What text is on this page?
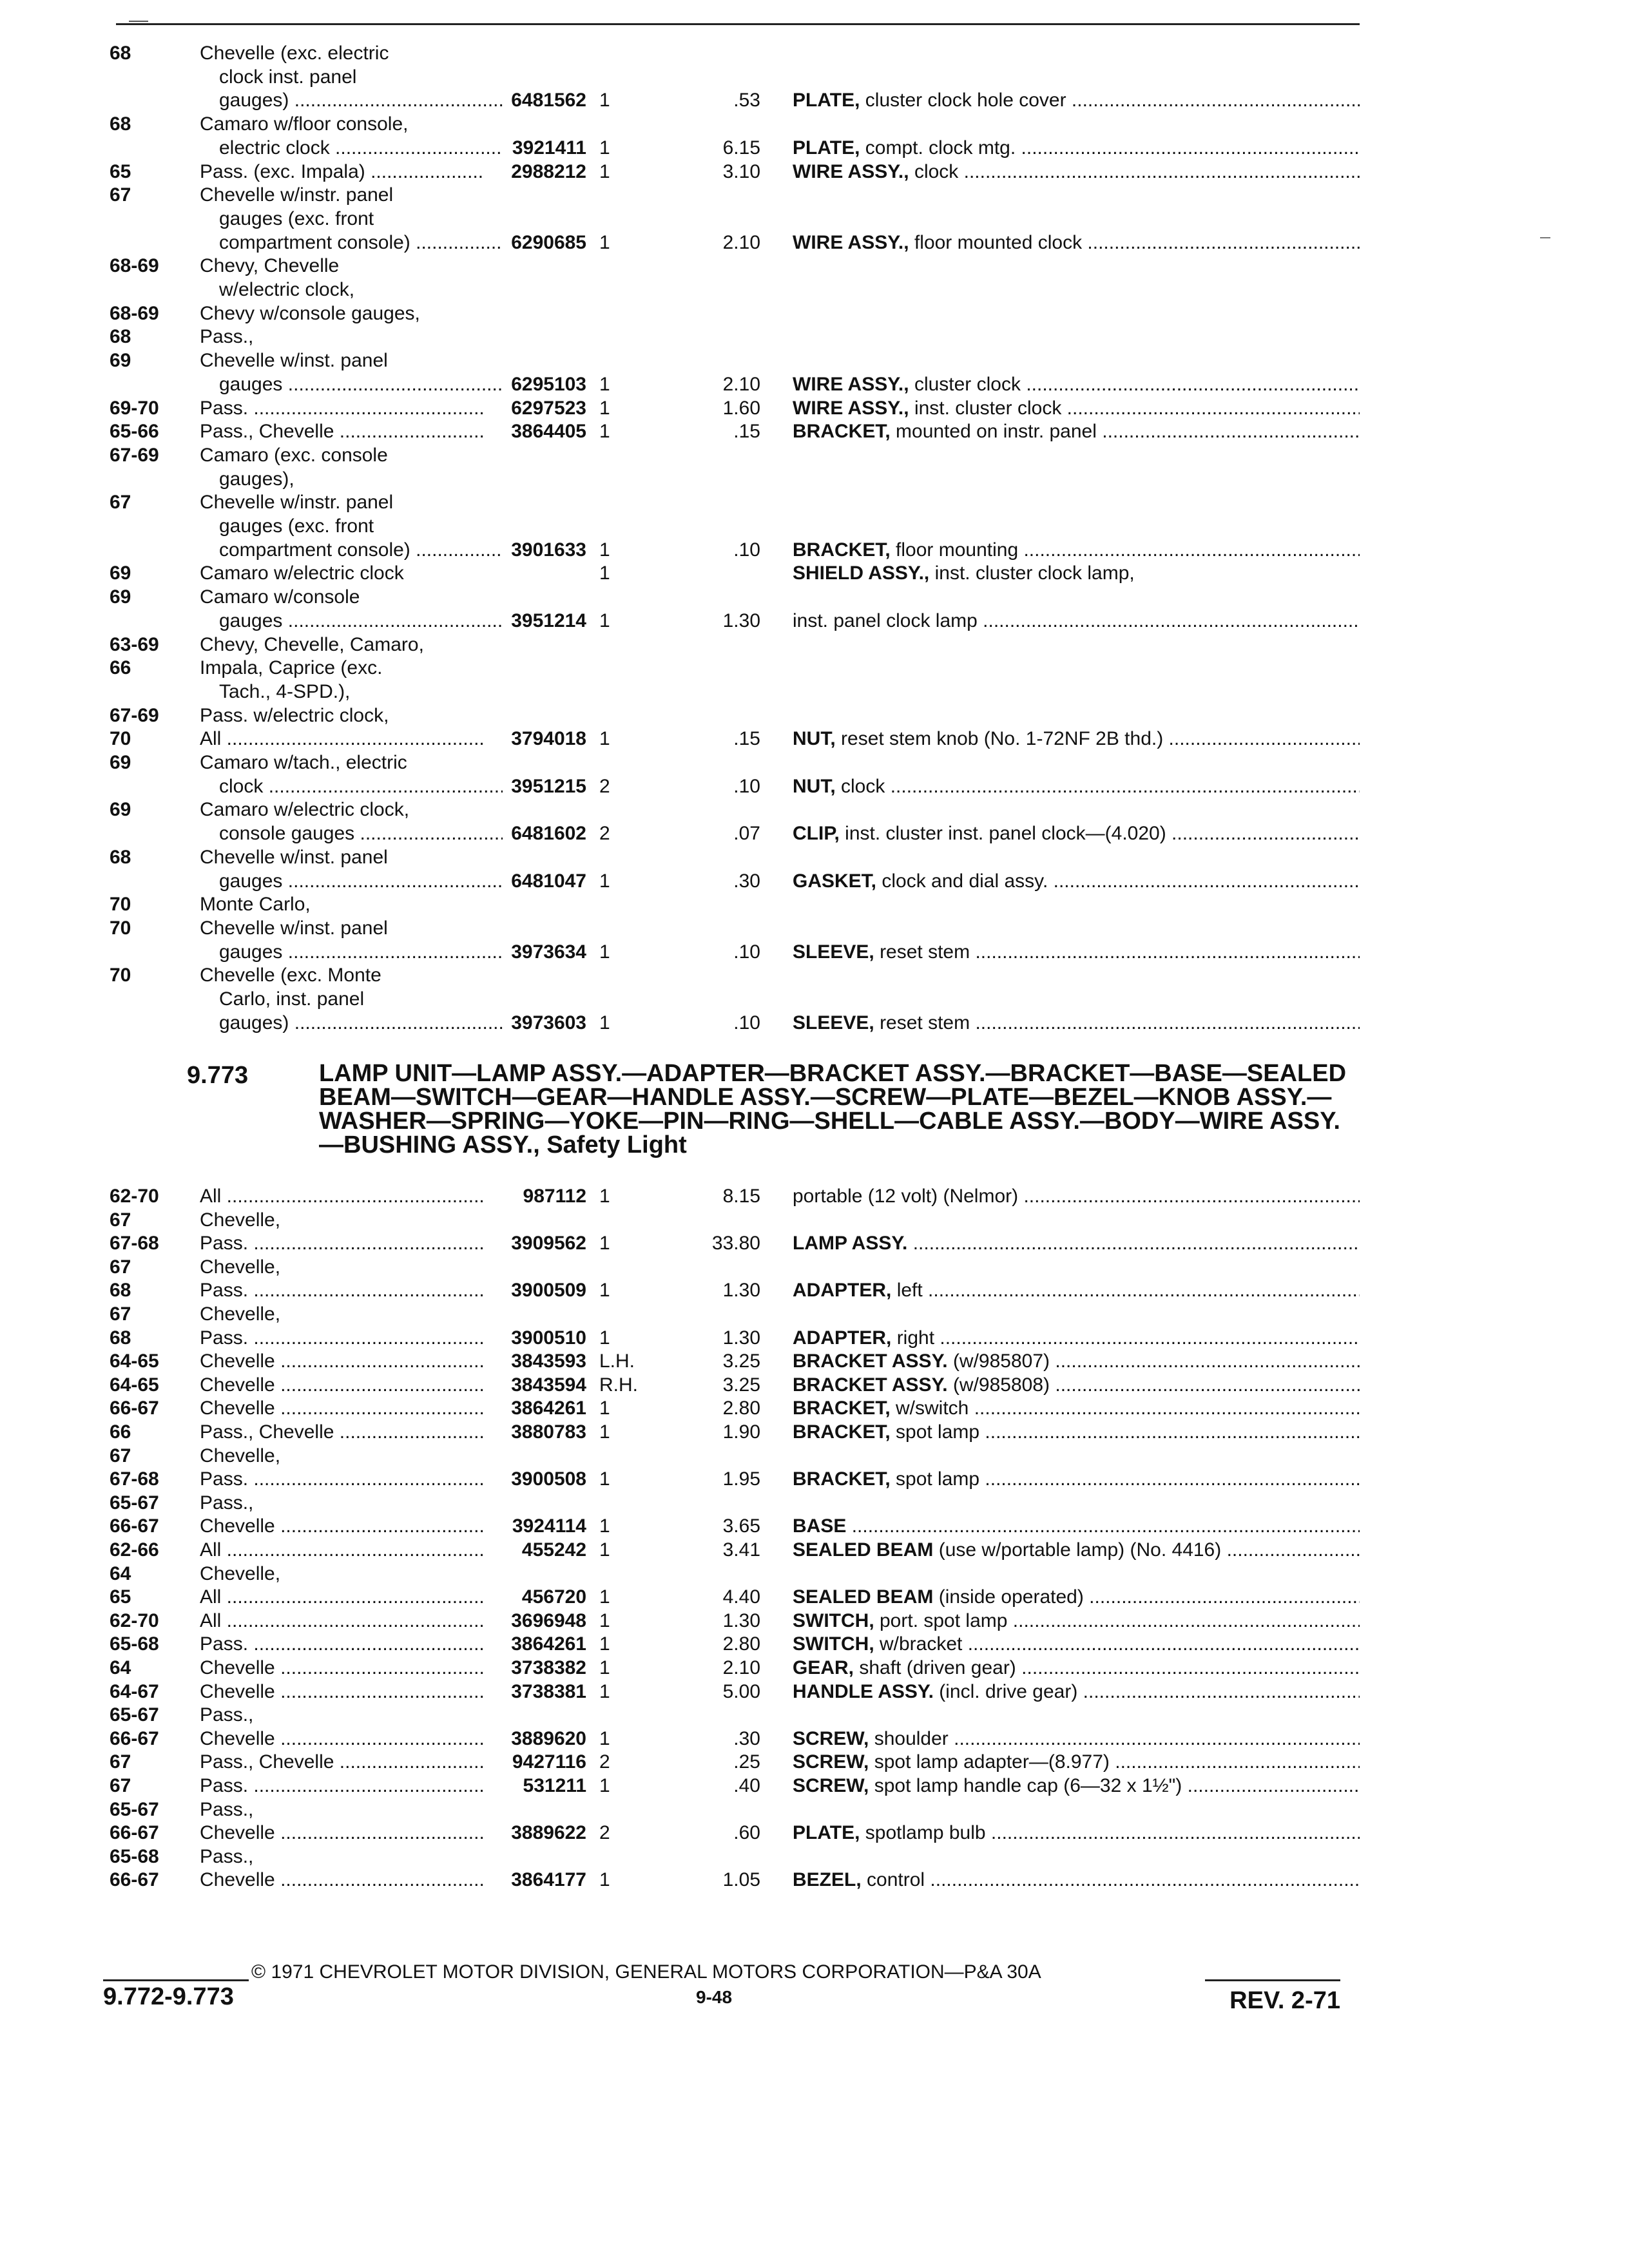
68	Chevelle (exc. electric
clock inst. panel
gauges) .....	6481562 1	.53 PLATE, cluster clock hole cover .....
68	Camaro w/floor console,
electric clock .....	3921411 1	6.15 PLATE, compt. clock mtg. .....
65	Pass. (exc. Impala) .....	2988212 1	3.10 WIRE ASSY., clock .....
67	Chevelle w/instr. panel
gauges (exc. front
compartment console) .....	6290685 1	2.10 WIRE ASSY., floor mounted clock .....
68-69	Chevy, Chevelle
w/electric clock,
68-69	Chevy w/console gauges,
68	Pass.,
69	Chevelle w/inst. panel
gauges .....	6295103 1	2.10 WIRE ASSY., cluster clock .....
69-70	Pass. .....	6297523 1	1.60 WIRE ASSY., inst. cluster clock .....
65-66	Pass., Chevelle .....	3864405 1	.15 BRACKET, mounted on instr. panel .....
67-69	Camaro (exc. console
gauges),
67	Chevelle w/instr. panel
gauges (exc. front
compartment console) .....	3901633 1	.10 BRACKET, floor mounting .....
69	Camaro w/electric clock	1	SHIELD ASSY., inst. cluster clock lamp,
69	Camaro w/console
gauges .....	3951214 1	1.30 inst. panel clock lamp .....
63-69	Chevy, Chevelle, Camaro,
66	Impala, Caprice (exc.
Tach., 4-SPD.),
67-69	Pass. w/electric clock,
70	All .....	3794018 1	.15 NUT, reset stem knob (No. 1-72NF 2B thd.) .....
69	Camaro w/tach., electric
clock .....	3951215 2	.10 NUT, clock .....
69	Camaro w/electric clock,
console gauges .....	6481602 2	.07 CLIP, inst. cluster inst. panel clock—(4.020) .....
68	Chevelle w/inst. panel
gauges .....	6481047 1	.30 GASKET, clock and dial assy. .....
70	Monte Carlo,
70	Chevelle w/inst. panel
gauges .....	3973634 1	.10 SLEEVE, reset stem .....
70	Chevelle (exc. Monte
Carlo, inst. panel
gauges) .....	3973603 1	.10 SLEEVE, reset stem .....
9.773	LAMP UNIT—LAMP ASSY.—ADAPTER—BRACKET ASSY.—BRACKET—BASE—SEALED BEAM—SWITCH—GEAR—HANDLE ASSY.—SCREW—PLATE—BEZEL—KNOB ASSY.—WASHER—SPRING—YOKE—PIN—RING—SHELL—CABLE ASSY.—BODY—WIRE ASSY.—BUSHING ASSY., Safety Light
62-70	All .....	987112 1	8.15 portable (12 volt) (Nelmor) .....
67	Chevelle,
67-68	Pass. .....	3909562 1	33.80 LAMP ASSY. .....
67	Chevelle,
68	Pass. .....	3900509 1	1.30 ADAPTER, left .....
67	Chevelle,
68	Pass. .....	3900510 1	1.30 ADAPTER, right .....
64-65	Chevelle .....	3843593 L.H.	3.25 BRACKET ASSY. (w/985807) .....
64-65	Chevelle .....	3843594 R.H.	3.25 BRACKET ASSY. (w/985808) .....
66-67	Chevelle .....	3864261 1	2.80 BRACKET, w/switch .....
66	Pass., Chevelle .....	3880783 1	1.90 BRACKET, spot lamp .....
67	Chevelle,
67-68	Pass. .....	3900508 1	1.95 BRACKET, spot lamp .....
65-67	Pass.,
66-67	Chevelle .....	3924114 1	3.65 BASE .....
62-66	All .....	455242 1	3.41 SEALED BEAM (use w/portable lamp) (No. 4416) .....
64	Chevelle,
65	All .....	456720 1	4.40 SEALED BEAM (inside operated) .....
62-70	All .....	3696948 1	1.30 SWITCH, port. spot lamp .....
65-68	Pass. .....	3864261 1	2.80 SWITCH, w/bracket .....
64	Chevelle .....	3738382 1	2.10 GEAR, shaft (driven gear) .....
64-67	Chevelle .....	3738381 1	5.00 HANDLE ASSY. (incl. drive gear) .....
65-67	Pass.,
66-67	Chevelle .....	3889620 1	.30 SCREW, shoulder .....
67	Pass., Chevelle .....	9427116 2	.25 SCREW, spot lamp adapter—(8.977) .....
67	Pass. .....	531211 1	.40 SCREW, spot lamp handle cap (6—32 x 1½") .....
65-67	Pass.,
66-67	Chevelle .....	3889622 2	.60 PLATE, spotlamp bulb .....
65-68	Pass.,
66-67	Chevelle .....	3864177 1	1.05 BEZEL, control .....
© 1971 CHEVROLET MOTOR DIVISION, GENERAL MOTORS CORPORATION—P&A 30A
9.772-9.773	9-48	REV. 2-71
